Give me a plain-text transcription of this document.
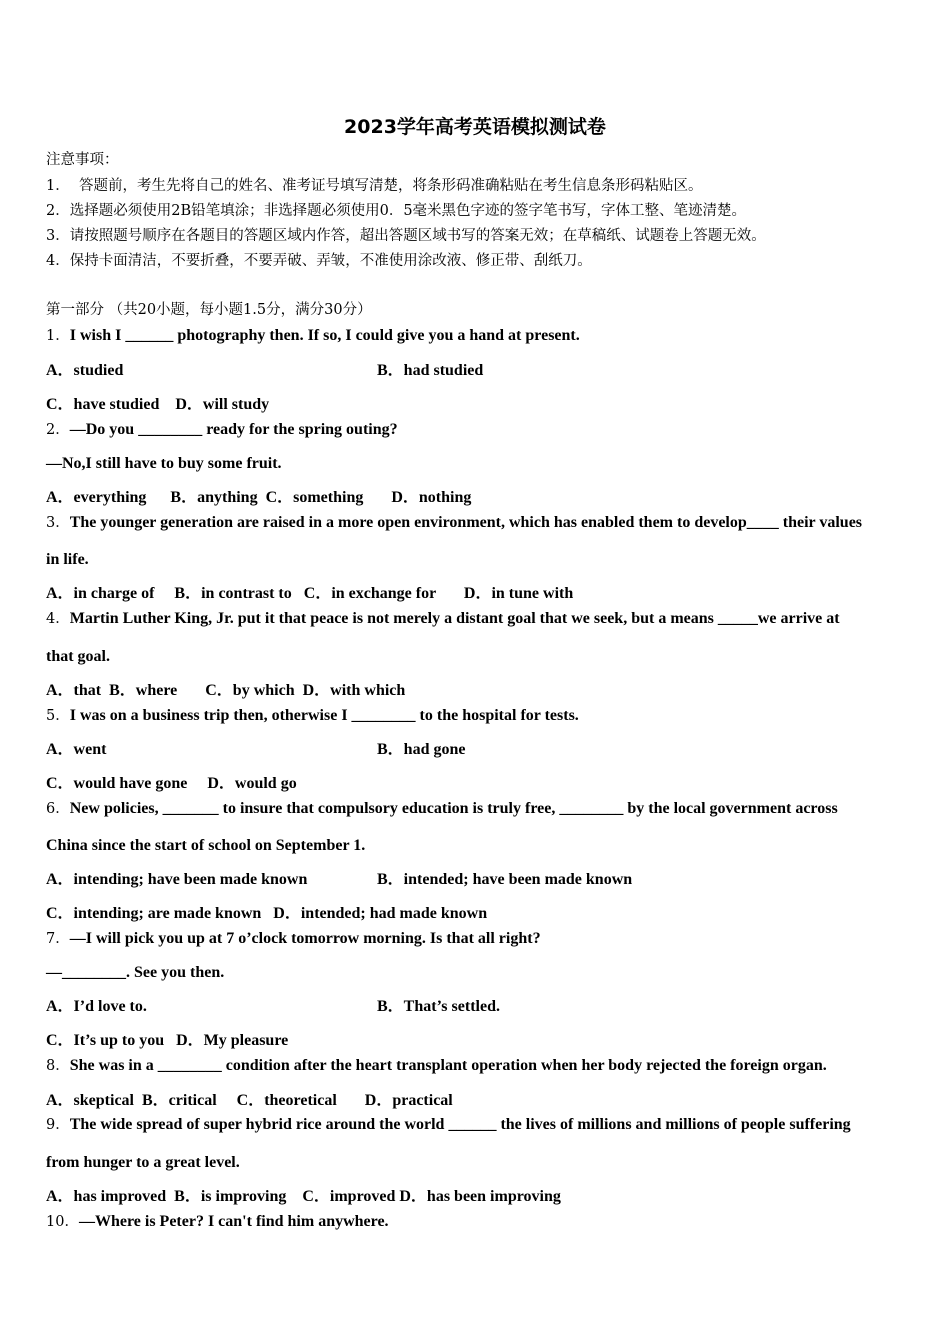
2023学年高考英语模拟测试卷
注意事项：
1．  答题前，考生先将自己的姓名、准考证号填写清楚，将条形码准确粘贴在考生信息条形码粘贴区。
2．选择题必须使用2B铅笔填涂；非选择题必须使用0．5毫米黑色字迹的签字笔书写，字体工整、笔迹清楚。
3．请按照题号顺序在各题目的答题区域内作答，超出答题区域书写的答案无效；在草稿纸、试题卷上答题无效。
4．保持卡面清洁，不要折叠，不要弄破、弄皱，不准使用涂改液、修正带、刮纸刀。
第一部分 （共20小题，每小题1.5分，满分30分）
1．I wish I ______ photography then. If so, I could give you a hand at present.
A．studied	B．had studied
C．have studied    D．will study
2．—Do you ________ ready for the spring outing?
—No,I still have to buy some fruit.
A．everything      B．anything  C．something       D．nothing
3．The younger generation are raised in a more open environment, which has enabled them to develop____ their values
in life.
A．in charge of     B．in contrast to   C．in exchange for       D．in tune with
4．Martin Luther King, Jr. put it that peace is not merely a distant goal that we seek, but a means _____we arrive at
that goal.
A．that  B．where       C．by which  D．with which
5．I was on a business trip then, otherwise I ________ to the hospital for tests.
A．went	B．had gone
C．would have gone     D．would go
6．New policies, _______ to insure that compulsory education is truly free, ________ by the local government across
China since the start of school on September 1.
A．intending; have been made known	B．intended; have been made known
C．intending; are made known   D．intended; had made known
7．—I will pick you up at 7 o’clock tomorrow morning. Is that all right?
—________. See you then.
A．I’d love to.	B．That’s settled.
C．It’s up to you   D．My pleasure
8．She was in a ________ condition after the heart transplant operation when her body rejected the foreign organ.
A．skeptical  B．critical     C．theoretical       D．practical
9．The wide spread of super hybrid rice around the world ______ the lives of millions and millions of people suffering
from hunger to a great level.
A．has improved  B．is improving    C．improved D．has been improving
10．—Where is Peter? I can't find him anywhere.
